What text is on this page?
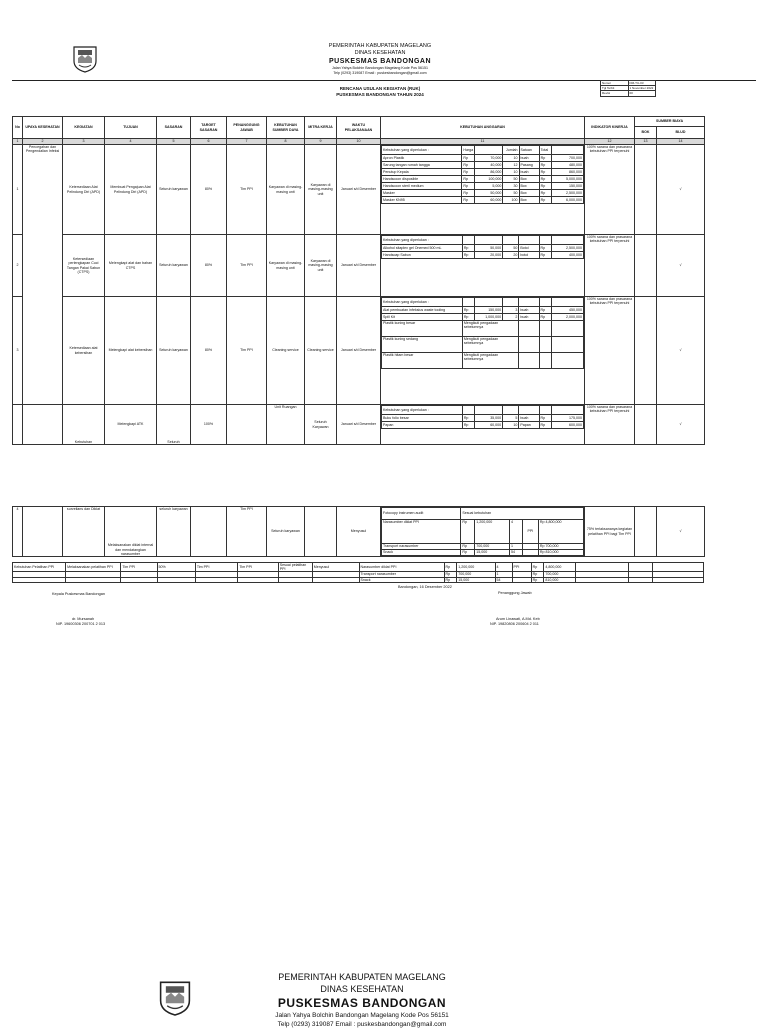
PEMERINTAH KABUPATEN MAGELANG
DINAS KESEHATAN
PUSKESMAS BANDONGAN
Jalan Yahya Bolchin Bandongan Magelang Kode Pos 56151
Telp (0293) 319087 Email : puskesbandongan@gmail.com
Nomor	DM-TU-03
Tgl Terbit	1 November 2022
Revisi	00
RENCANA USULAN KEGIATAN (RUK)
PUSKESMAS BANDONGAN TAHUN 2024
No	UPAYA KESEHATAN	KEGIATAN	TUJUAN	SASARAN	TARGET SASARAN	PENANGGUNG JAWAB	KEBUTUHAN SUMBER DAYA	MITRA KERJA	WAKTU PELAKSANAAN	KEBUTUHAN ANGGARAN	INDIKATOR KINERJA	SUMBER BIAYA
BOK	BLUD
1	2	3	4	5	6	7	8	9	10	11	12	13	14
1	Pencegahan dan Pengendalian Infeksi	Ketersediaan Alat Pelindung Diri (APD)	Membuat Pengajuan Alat Pelindung Diri (APD)	Seluruh karyawan	80%	Tim PPI	Karyawan di masing-masing unit	Karyawan di masing-masing unit	Januari s/d Desember	
Kebutuhan yang diperlukan :	Harga		Jumlah	Satuan	Total	
Apron Plastik	Rp	70,000	10	buah	Rp	700,000
Sarung tangan rumah tangga	Rp	40,000	12	Pasang	Rp	480,000
Penutup Kepala	Rp	86,000	10	buah	Rp	860,000
Handscoon disposible	Rp	100,000	50	Box	Rp	5,000,000
Handscoon steril medium	Rp	5,000	30	Box	Rp	150,000
Masker	Rp	50,000	50	Box	Rp	2,500,000
Masker KN95	Rp	60,000	100	Box	Rp	6,000,000
	100% sarana dan prasarana kebutuhan PPI terpenuhi		√
2	Ketersediaan perlengkapan Cuci Tangan Pakai Sabun (CTPS)	Melengkapi alat dan bahan CTPS	Seluruh karyawan	80%	Tim PPI	Karyawan di masing-masing unit	Karyawan di masing-masing unit	Januari s/d Desember	
Kebutuhan yang diperlukan :						
Alkohol sitaplex gel Onemed 500 mL	Rp	50,000	50	Botol	Rp	2,500,000
Handsoap Sabun	Rp	20,000	20	botol	Rp	400,000
	100% sarana dan prasarana kebutuhan PPI terpenuhi		√
3	Ketersediaan alat kebersihan	Melengkapi alat kebersihan	Seluruh karyawan	80%	Tim PPI	Cleaning service	Cleaning service	Januari s/d Desember	
Kebutuhan yang diperlukan :						
Alat pembuatan infeksius waste tooling	Rp	150,000	3	buah	Rp	450,000
Spill Kit	Rp	1,000,000	2	buah	Rp	2,000,000
Plastik kuning besar	Mengikuti pengadaan sebelumnya			
Plastik kuning sedang	Mengikuti pengadaan sebelumnya			
Plastik hitam besar	Mengikuti pengadaan sebelumnya			
	100% sarana dan prasarana kebutuhan PPI terpenuhi		√
		Kebutuhan	Melengkapi ATK	Seluruh	100%		Unit Ruangan	Seluruh Karyawan	Januari s/d Desember	
Kebutuhan yang diperlukan :						
Buku folio besar	Rp	35,000	5	buah	Rp	175,000
Papan	Rp	60,000	10	Papan	Rp	600,000
	100% sarana dan prasarana kebutuhan PPI terpenuhi		√
4		surveilans dan Diklat	Melaksanakan diklat internal dan mendatangkan narasumber	seluruh karyawan		Tim PPI	Seluruh karyawan		Menyusul	
Fotocopy instrumen audit	Sesuai kebutuhan
Narasumber diklat PPI	Rp	1,200,000	4	PPI	Rp 4,800,000
Transport narasumber	Rp	700,000	1		Rp 700,000
Snack	Rp	15,000	54		Rp 810,000
	75% terlaksananya kegiatan pelatihan PPI bagi Tim PPI		√
Kebutuhan Pelatihan PPI	Melaksanakan pelatihan PPI	Tim PPI	50%	Tim PPI	Tim PPI	Sesuai pelatihan PPI	Menyusul	Narasumber diklat PPI	Rp	1,200,000	4	PPI	Rp	4,800,000			
								Transport narasumber	Rp	700,000	1		Rp	700,000			
								Snack	Rp	15,000	54		Rp	810,000			
Bandongan, 16 Desember 2022
Kepala Puskesmas Bandongan	Penanggung Jawab
dr. Mursanah
NIP. 19600306 200701 2 013
Arum Linawati, A.Md. Keb
NIP. 19820806 200604 2 011
PEMERINTAH KABUPATEN MAGELANG
DINAS KESEHATAN
PUSKESMAS BANDONGAN
Jalan Yahya Bolchin Bandongan Magelang Kode Pos 56151
Telp (0293) 319087 Email : puskesbandongan@gmail.com
